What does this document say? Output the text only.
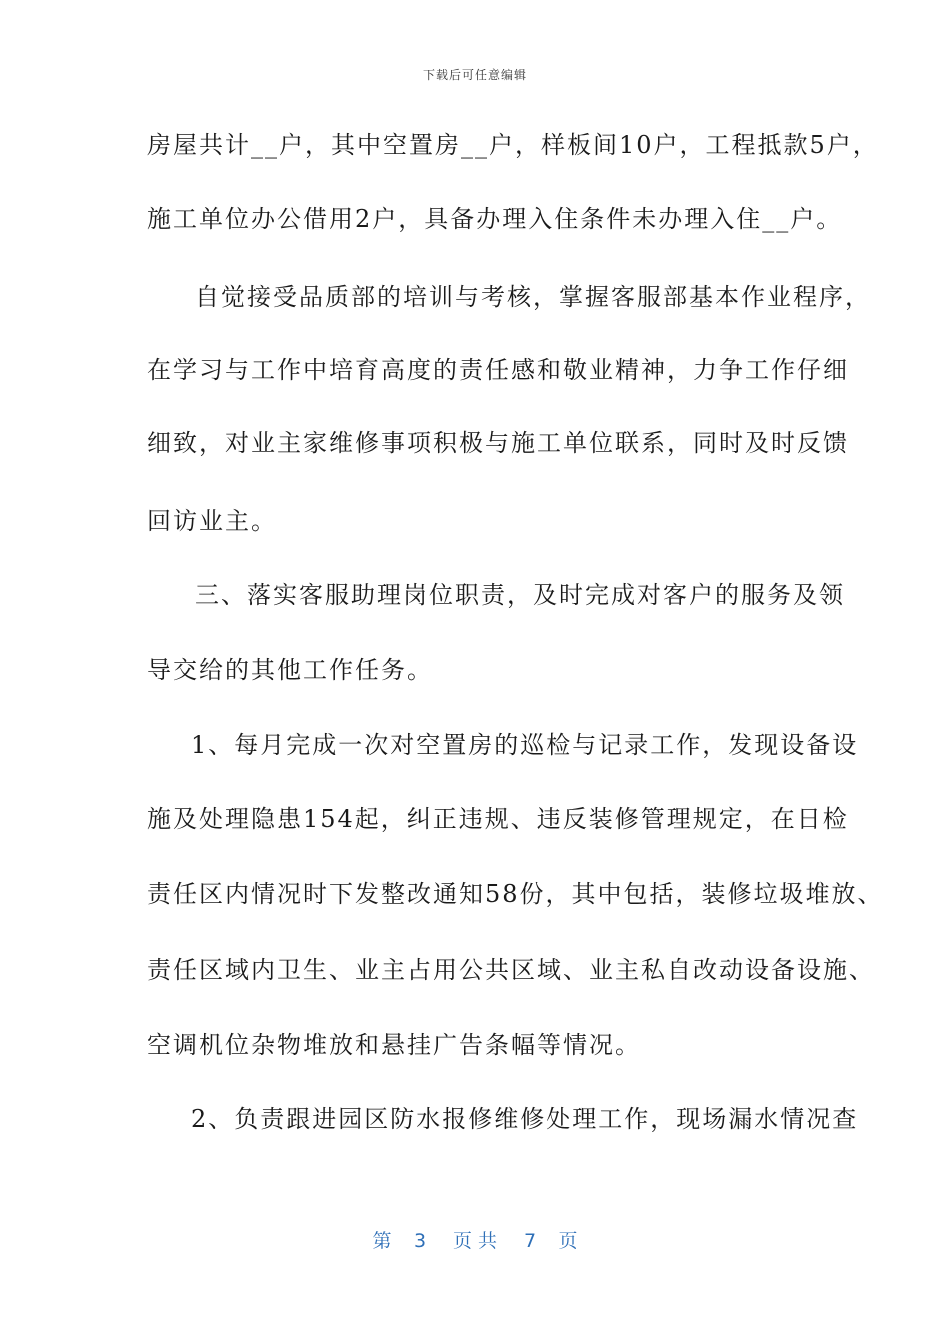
下载后可任意编辑
房屋共计__户，其中空置房__户，样板间10户，工程抵款5户，
施工单位办公借用2户，具备办理入住条件未办理入住__户。
自觉接受品质部的培训与考核，掌握客服部基本作业程序，
在学习与工作中培育高度的责任感和敬业精神，力争工作仔细
细致，对业主家维修事项积极与施工单位联系，同时及时反馈
回访业主。
三、落实客服助理岗位职责，及时完成对客户的服务及领
导交给的其他工作任务。
1、每月完成一次对空置房的巡检与记录工作，发现设备设
施及处理隐患154起，纠正违规、违反装修管理规定，在日检
责任区内情况时下发整改通知58份，其中包括，装修垃圾堆放、
责任区域内卫生、业主占用公共区域、业主私自改动设备设施、
空调机位杂物堆放和悬挂广告条幅等情况。
2、负责跟进园区防水报修维修处理工作，现场漏水情况查
第 3 页 共 7 页
